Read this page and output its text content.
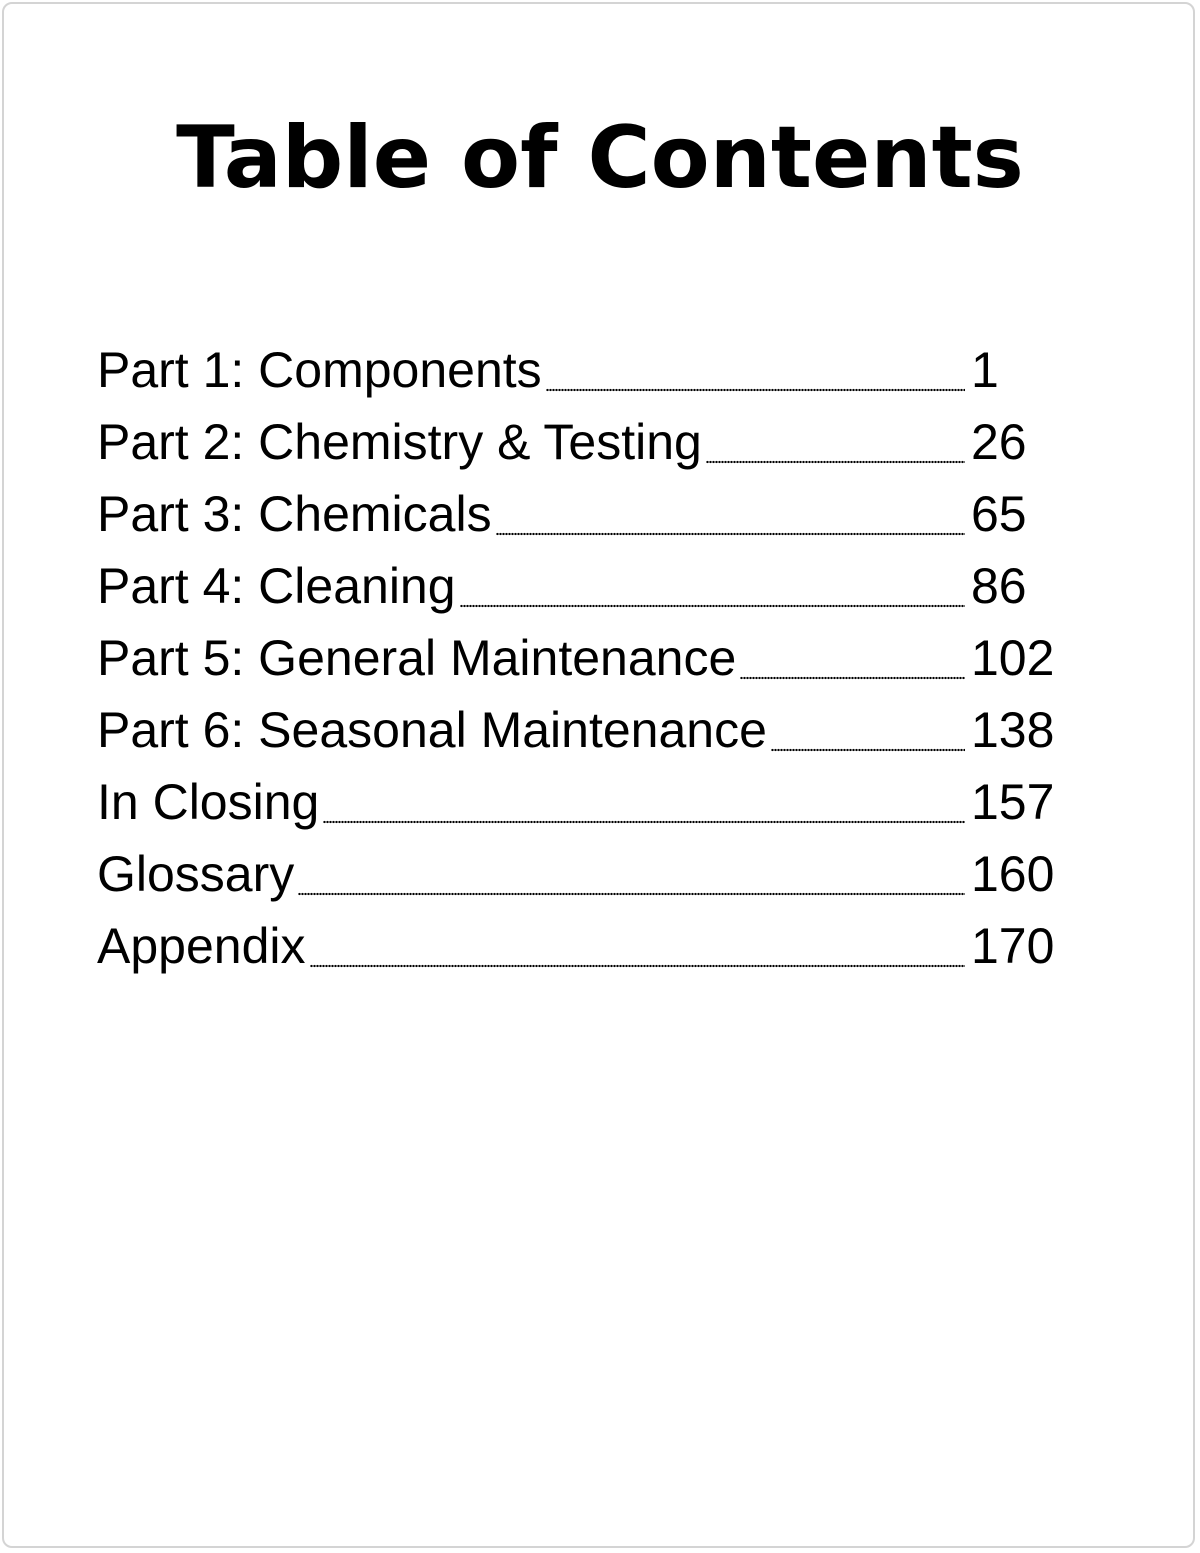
Table of Contents
Part 1: Components	1
Part 2: Chemistry & Testing	26
Part 3: Chemicals	65
Part 4: Cleaning	86
Part 5: General Maintenance	102
Part 6: Seasonal Maintenance	138
In Closing	157
Glossary	160
Appendix	170
